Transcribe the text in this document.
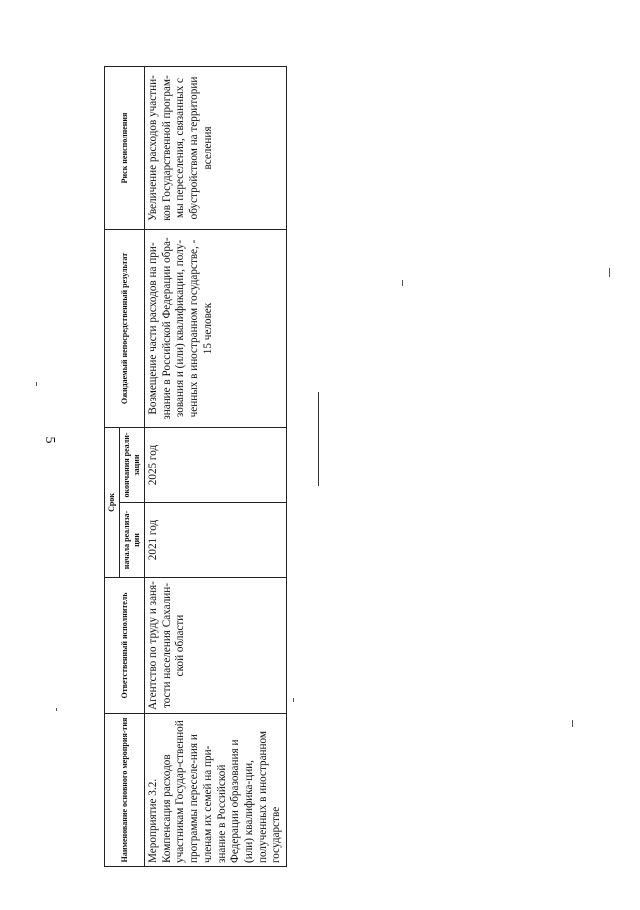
5
Наименование основного мероприя-тия	Ответственный исполнитель	Срок		Ожидаемый непосредственный результат	Риск неисполнения
		начала реализа-ции	окончания реали-зации		
Мероприятие 3.2. Компенсация расходов участникам Государ-ственной программы переселе-ния и членам их семей на при-знание в Российской Федерации образования и (или) квалифика-ции, полученных в иностранном государстве	Агентство по труду и заня-тости населения Сахалин-ской области	2021 год	2025 год	Возмещение части расходов на при-знание в Российской Федерации обра-зования и (или) квалификации, полу-ченных в иностранном государстве, - 15 человек	Увеличение расходов участни-ков Государственной програм-мы переселения, связанных с обустройством на территории вселения
